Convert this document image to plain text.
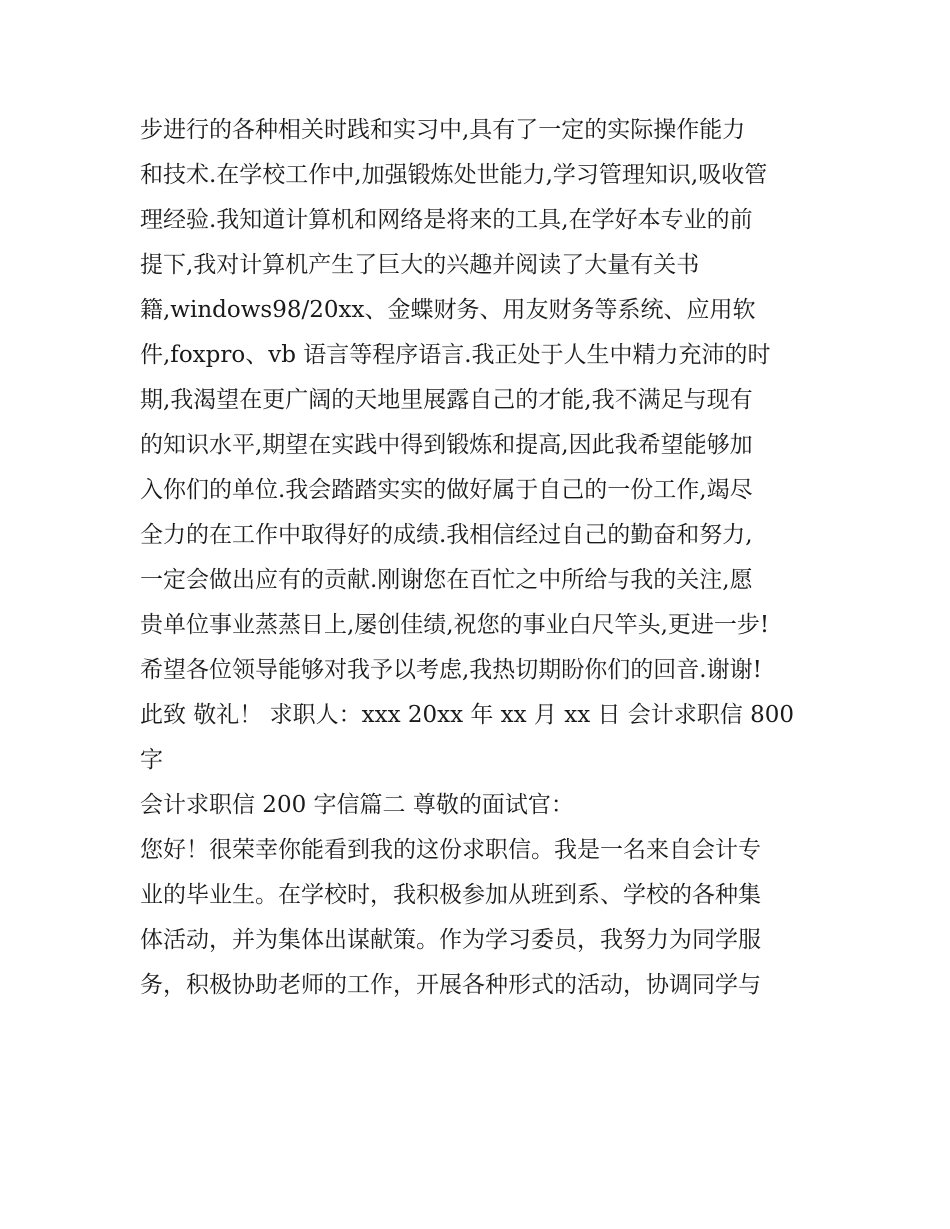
步进行的各种相关时践和实习中,具有了一定的实际操作能力
和技术.在学校工作中,加强锻炼处世能力,学习管理知识,吸收管
理经验.我知道计算机和网络是将来的工具,在学好本专业的前
提下,我对计算机产生了巨大的兴趣并阅读了大量有关书
籍,windows98/20xx、金蝶财务、用友财务等系统、应用软
件,foxpro、vb 语言等程序语言.我正处于人生中精力充沛的时
期,我渴望在更广阔的天地里展露自己的才能,我不满足与现有
的知识水平,期望在实践中得到锻炼和提高,因此我希望能够加
入你们的单位.我会踏踏实实的做好属于自己的一份工作,竭尽
全力的在工作中取得好的成绩.我相信经过自己的勤奋和努力,
一定会做出应有的贡献.刚谢您在百忙之中所给与我的关注,愿
贵单位事业蒸蒸日上,屡创佳绩,祝您的事业白尺竿头,更进一步!
希望各位领导能够对我予以考虑,我热切期盼你们的回音.谢谢!
此致 敬礼！ 求职人：xxx 20xx 年 xx 月 xx 日 会计求职信 800
字
会计求职信 200 字信篇二 尊敬的面试官：
您好！很荣幸你能看到我的这份求职信。我是一名来自会计专
业的毕业生。在学校时，我积极参加从班到系、学校的各种集
体活动，并为集体出谋献策。作为学习委员，我努力为同学服
务，积极协助老师的工作，开展各种形式的活动，协调同学与
